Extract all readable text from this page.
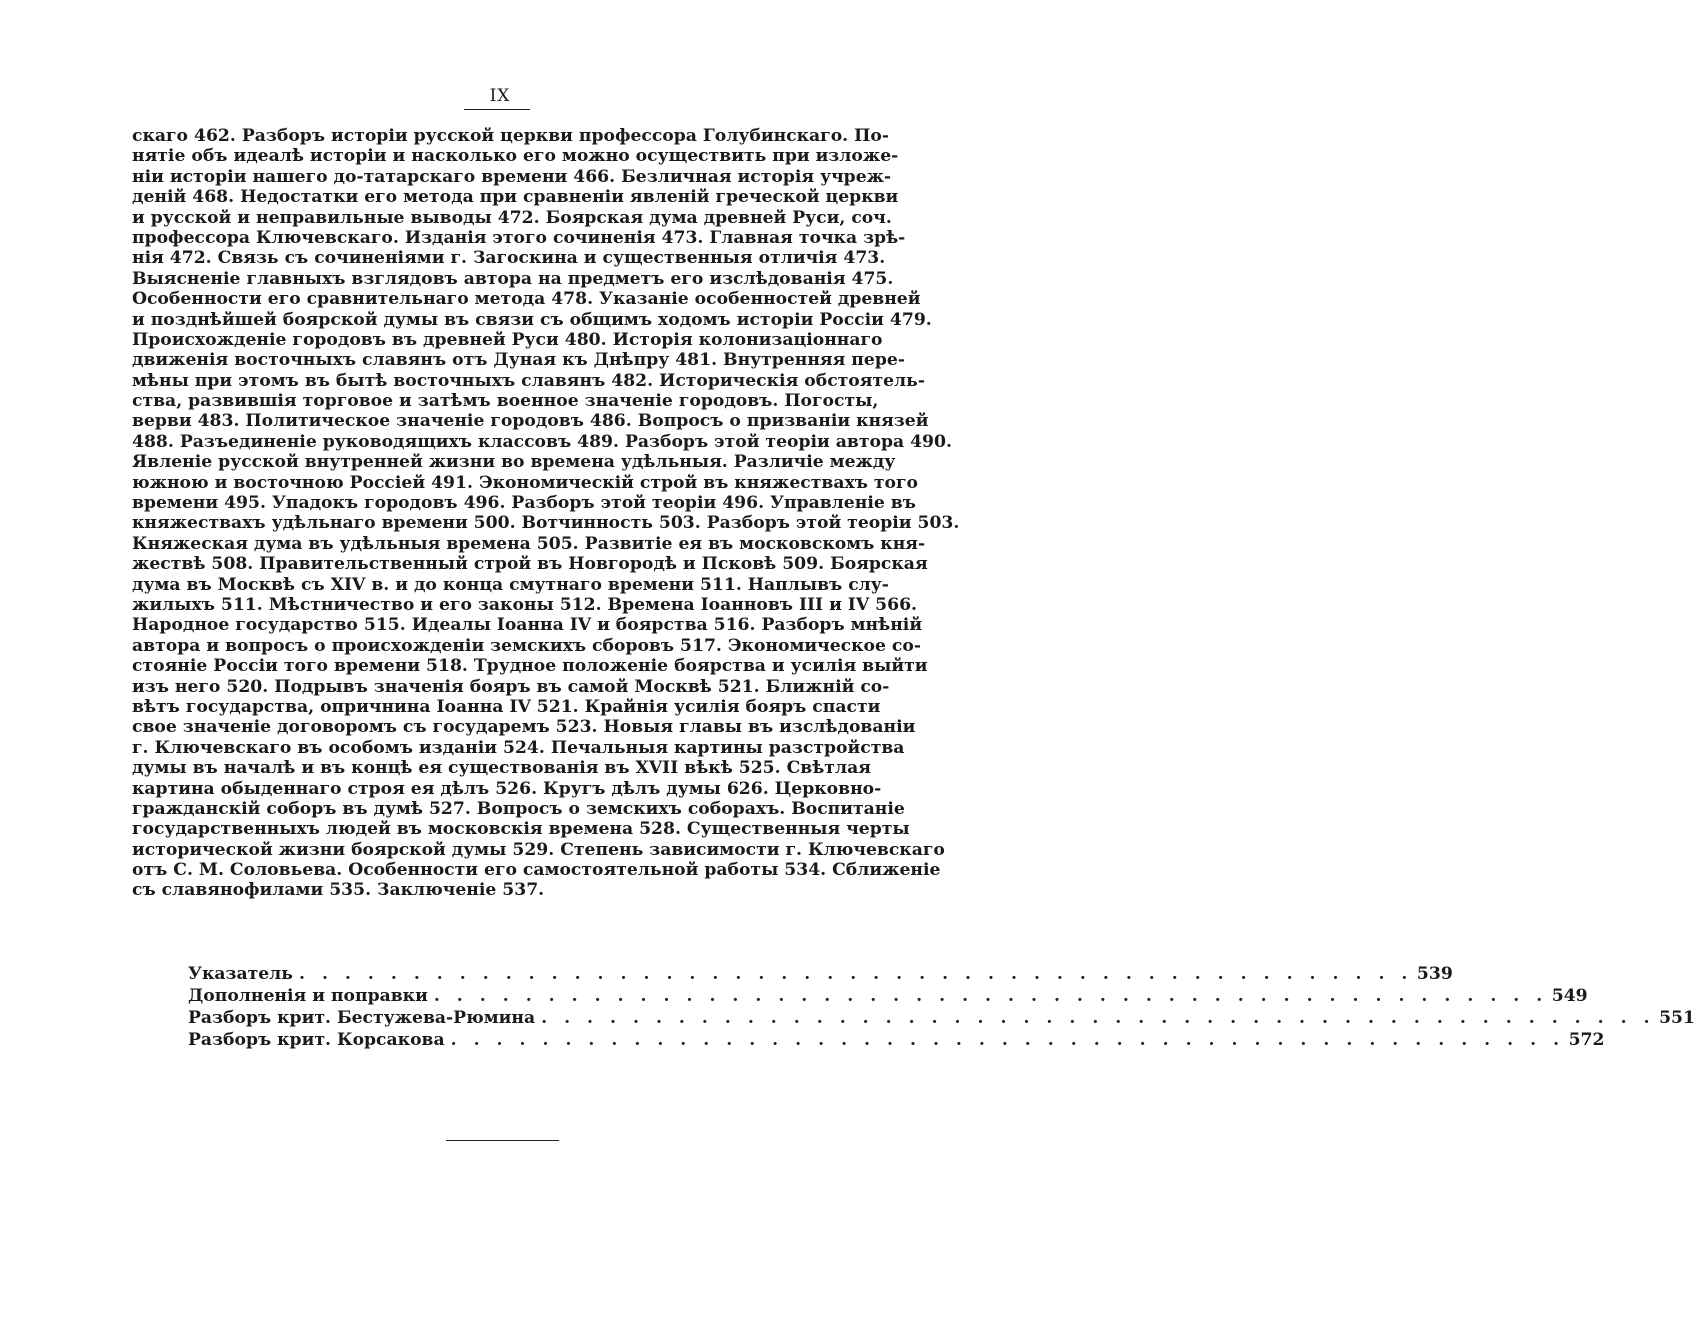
IX
скаго 462. Разборъ исторіи русской церкви профессора Голубинскаго. По-
нятіе объ идеалѣ исторіи и насколько его можно осуществить при изложе-
ніи исторіи нашего до-татарскаго времени 466. Безличная исторія учреж-
деній 468. Недостатки его метода при сравненіи явленій греческой церкви
и русской и неправильные выводы 472. Боярская дума древней Руси, соч.
профессора Ключевскаго. Изданія этого сочиненія 473. Главная точка зрѣ-
нія 472. Связь съ сочиненіями г. Загоскина и существенныя отличія 473.
Выясненіе главныхъ взглядовъ автора на предметъ его изслѣдованія 475.
Особенности его сравнительнаго метода 478. Указаніе особенностей древней
и позднѣйшей боярской думы въ связи съ общимъ ходомъ исторіи Россіи 479.
Происхожденіе городовъ въ древней Руси 480. Исторія колонизаціоннаго
движенія восточныхъ славянъ отъ Дуная къ Днѣпру 481. Внутренняя пере-
мѣны при этомъ въ бытѣ восточныхъ славянъ 482. Историческія обстоятель-
ства, развившія торговое и затѣмъ военное значеніе городовъ. Погосты,
верви 483. Политическое значеніе городовъ 486. Вопросъ о призваніи князей
488. Разъединеніе руководящихъ классовъ 489. Разборъ этой теоріи автора 490.
Явленіе русской внутренней жизни во времена удѣльныя. Различіе между
южною и восточною Россіей 491. Экономическій строй въ княжествахъ того
времени 495. Упадокъ городовъ 496. Разборъ этой теоріи 496. Управленіе въ
княжествахъ удѣльнаго времени 500. Вотчинность 503. Разборъ этой теоріи 503.
Княжеская дума въ удѣльныя времена 505. Развитіе ея въ московскомъ кня-
жествѣ 508. Правительственный строй въ Новгородѣ и Псковѣ 509. Боярская
дума въ Москвѣ съ XIV в. и до конца смутнаго времени 511. Наплывъ слу-
жилыхъ 511. Мѣстничество и его законы 512. Времена Іоанновъ III и IV 566.
Народное государство 515. Идеалы Іоанна IV и боярства 516. Разборъ мнѣній
автора и вопросъ о происхожденіи земскихъ сборовъ 517. Экономическое со-
стояніе Россіи того времени 518. Трудное положеніе боярства и усилія выйти
изъ него 520. Подрывъ значенія бояръ въ самой Москвѣ 521. Ближній со-
вѣтъ государства, опричнина Іоанна IV 521. Крайнія усилія бояръ спасти
свое значеніе договоромъ съ государемъ 523. Новыя главы въ изслѣдованіи
г. Ключевскаго въ особомъ изданіи 524. Печальныя картины разстройства
думы въ началѣ и въ концѣ ея существованія въ XVII вѣкѣ 525. Свѣтлая
картина обыденнаго строя ея дѣлъ 526. Кругъ дѣлъ думы 626. Церковно-
гражданскій соборъ въ думѣ 527. Вопросъ о земскихъ соборахъ. Воспитаніе
государственныхъ людей въ московскія времена 528. Существенныя черты
исторической жизни боярской думы 529. Степень зависимости г. Ключевскаго
отъ С. М. Соловьева. Особенности его самостоятельной работы 534. Сближеніе
съ славянофилами 535. Заключеніе 537.
Указатель . . .	539
Дополненія и поправки . . .	549
Разборъ крит. Бестужева-Рюмина . . .	551
Разборъ крит. Корсакова . . .	572
